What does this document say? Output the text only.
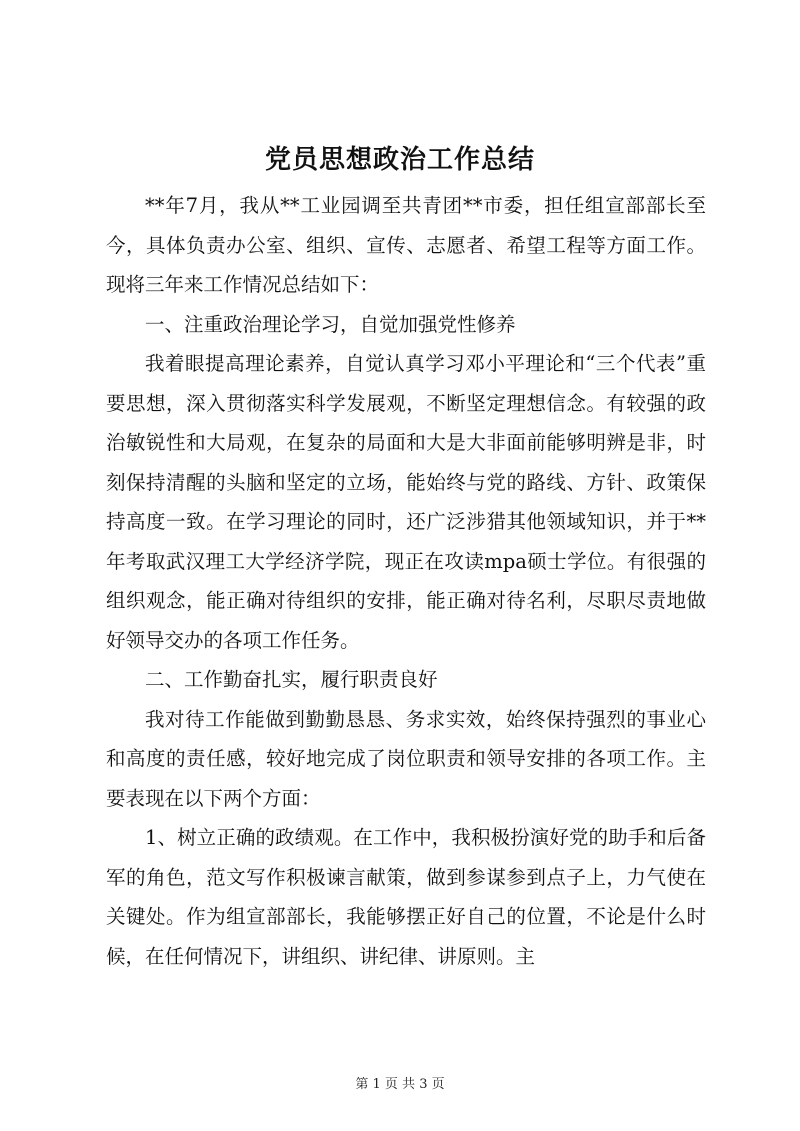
党员思想政治工作总结

**年7月，我从**工业园调至共青团**市委，担任组宣部部长至今，具体负责办公室、组织、宣传、志愿者、希望工程等方面工作。现将三年来工作情况总结如下：

一、注重政治理论学习，自觉加强党性修养

我着眼提高理论素养，自觉认真学习邓小平理论和“三个代表”重要思想，深入贯彻落实科学发展观，不断坚定理想信念。有较强的政治敏锐性和大局观，在复杂的局面和大是大非面前能够明辨是非，时刻保持清醒的头脑和坚定的立场，能始终与党的路线、方针、政策保持高度一致。在学习理论的同时，还广泛涉猎其他领域知识，并于**年考取武汉理工大学经济学院，现正在攻读mpa硕士学位。有很强的组织观念，能正确对待组织的安排，能正确对待名利，尽职尽责地做好领导交办的各项工作任务。

二、工作勤奋扎实，履行职责良好

我对待工作能做到勤勤恳恳、务求实效，始终保持强烈的事业心和高度的责任感，较好地完成了岗位职责和领导安排的各项工作。主要表现在以下两个方面：

1、树立正确的政绩观。在工作中，我积极扮演好党的助手和后备军的角色，范文写作积极谏言献策，做到参谋参到点子上，力气使在关键处。作为组宣部部长，我能够摆正好自己的位置，不论是什么时候，在任何情况下，讲组织、讲纪律、讲原则。主

第 1 页 共 3 页
